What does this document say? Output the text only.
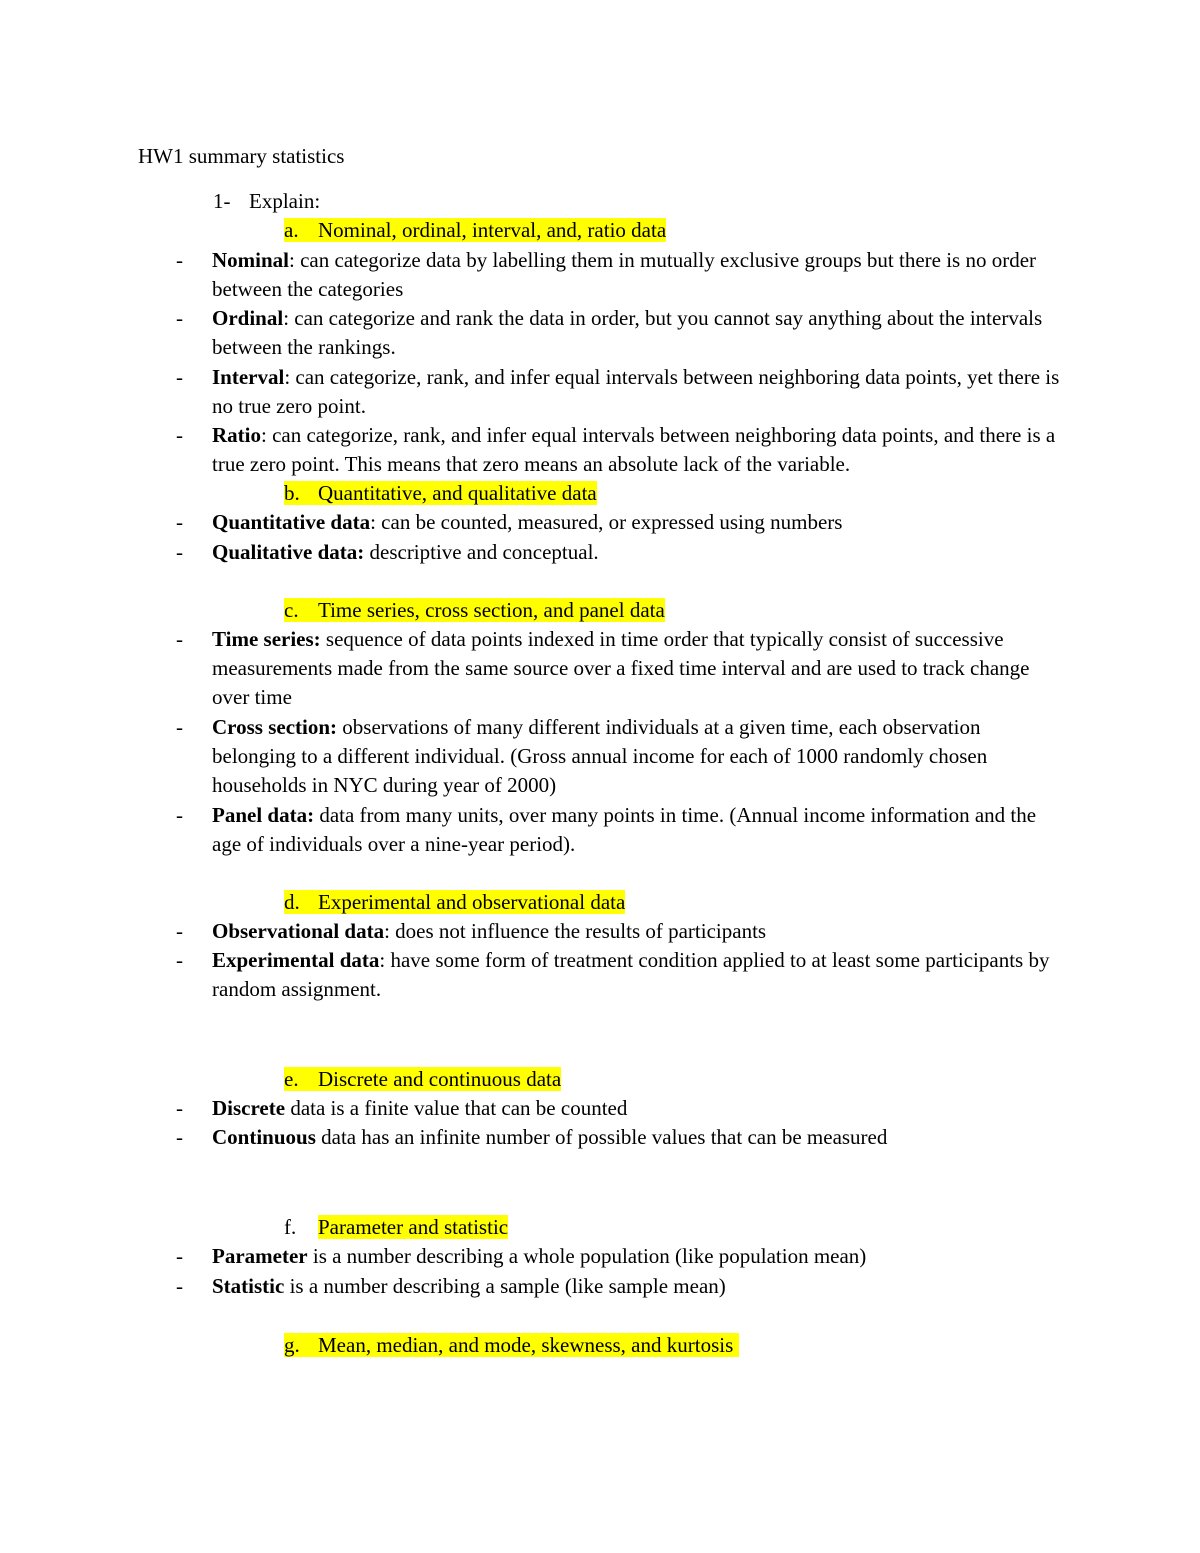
HW1 summary statistics
1- Explain:
a. Nominal, ordinal, interval, and, ratio data
- Nominal: can categorize data by labelling them in mutually exclusive groups but there is no order between the categories
- Ordinal: can categorize and rank the data in order, but you cannot say anything about the intervals between the rankings.
- Interval: can categorize, rank, and infer equal intervals between neighboring data points, yet there is no true zero point.
- Ratio: can categorize, rank, and infer equal intervals between neighboring data points, and there is a true zero point. This means that zero means an absolute lack of the variable.
b. Quantitative, and qualitative data
- Quantitative data: can be counted, measured, or expressed using numbers
- Qualitative data: descriptive and conceptual.
c. Time series, cross section, and panel data
- Time series: sequence of data points indexed in time order that typically consist of successive measurements made from the same source over a fixed time interval and are used to track change over time
- Cross section: observations of many different individuals at a given time, each observation belonging to a different individual. (Gross annual income for each of 1000 randomly chosen households in NYC during year of 2000)
- Panel data: data from many units, over many points in time. (Annual income information and the age of individuals over a nine-year period).
d. Experimental and observational data
- Observational data: does not influence the results of participants
- Experimental data: have some form of treatment condition applied to at least some participants by random assignment.
e. Discrete and continuous data
- Discrete data is a finite value that can be counted
- Continuous data has an infinite number of possible values that can be measured
f. Parameter and statistic
- Parameter is a number describing a whole population (like population mean)
- Statistic is a number describing a sample (like sample mean)
g. Mean, median, and mode, skewness, and kurtosis
